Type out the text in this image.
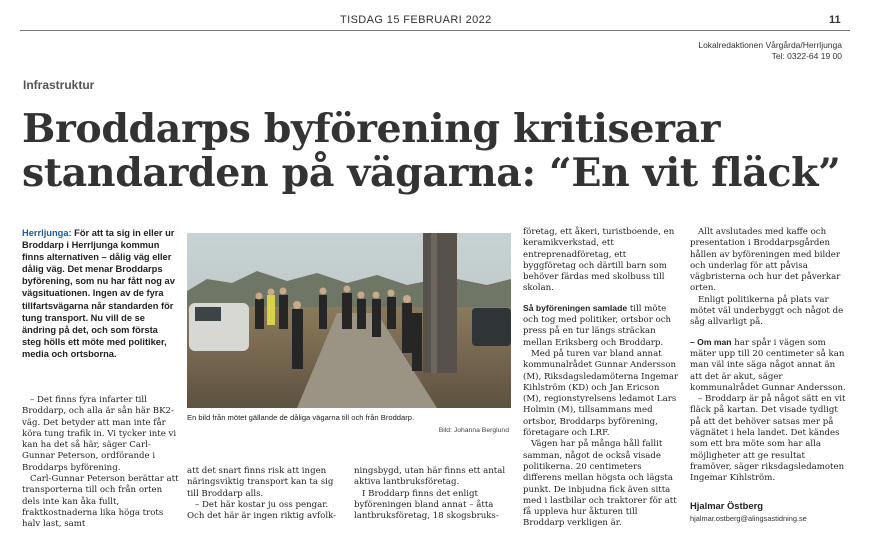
TISDAG 15 FEBRUARI 2022	11
Lokalredaktionen Vårgårda/Herrljunga
Tel: 0322-64 19 00
Infrastruktur
Broddarps byförening kritiserar standarden på vägarna: “En vit fläck”
Herrljunga: För att ta sig in eller ur Broddarp i Herrljunga kommun finns alternativen – dålig väg eller dålig väg. Det menar Broddarps byförening, som nu har fått nog av vägsituationen. Ingen av de fyra tillfartsvägarna når standarden för tung transport. Nu vill de se ändring på det, och som första steg hölls ett möte med politiker, media och ortsborna.

– Det finns fyra infarter till Broddarp, och alla är sån här BK2-väg. Det betyder att man inte får köra tung trafik in. Vi tycker inte vi kan ha det så här, säger Carl-Gunnar Peterson, ordförande i Broddarps byförening.

Carl-Gunnar Peterson berättar att transporterna till och från orten dels inte kan åka fullt, fraktkostnaderna lika höga trots halv last, samt

En bild från mötet gällande de dåliga vägarna till och från Broddarp.
Bild: Johanna Berglund

att det snart finns risk att ingen näringsviktig transport kan ta sig till Broddarp alls.

– Det här kostar ju oss pengar. Och det här är ingen riktig avfolk-

ningsbygd, utan här finns ett antal aktiva lantbruksföretag.

I Broddarp finns det enligt byföreningen bland annat – åtta lantbruksföretag, 18 skogsbruks-

företag, ett åkeri, turistboende, en keramikverkstad, ett entreprenadföretag, ett byggföretag och därtill barn som behöver färdas med skolbuss till skolan.

Så byföreningen samlade till möte och tog med politiker, ortsbor och press på en tur längs sträckan mellan Eriksberg och Broddarp.

Med på turen var bland annat kommunalrådet Gunnar Andersson (M), Riksdagsledamöterna Ingemar Kihlström (KD) och Jan Ericson (M), regionstyrelsens ledamot Lars Holmin (M), tillsammans med ortsbor, Broddarps byförening, företagare och LRF.

Vägen har på många håll fallit samman, något de också visade politikerna. 20 centimeters differens mellan högsta och lägsta punkt. De inbjudna fick även sitta med i lastbilar och traktorer för att få uppleva hur åkturen till Broddarp verkligen är.

Allt avslutades med kaffe och presentation i Broddarpsgården hållen av byföreningen med bilder och underlag för att påvisa vägbristerna och hur det påverkar orten.

Enligt politikerna på plats var mötet väl underbyggt och något de såg allvarligt på.

– Om man har spår i vägen som mäter upp till 20 centimeter så kan man väl inte säga något annat än att det är akut, säger kommunalrådet Gunnar Andersson.

– Broddarp är på något sätt en vit fläck på kartan. Det visade tydligt på att det behöver satsas mer på vägnätet i hela landet. Det kändes som ett bra möte som har alla möjligheter att ge resultat framöver, säger riksdagsledamoten Ingemar Kihlström.

Hjalmar Östberg
hjalmar.ostberg@alingsastidning.se
